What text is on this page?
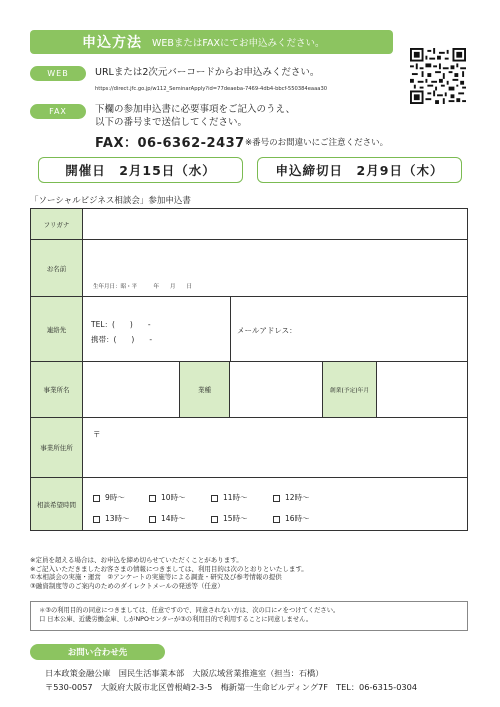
申込方法 WEBまたはFAXにてお申込みください。
WEB	URLまたは2次元バーコードからお申込みください。
https://direct.jfc.go.jp/w112_SeminarApply?id=77deaeba-7469-4db4-bbcf-550384eaaa30
FAX	下欄の参加申込書に必要事項をご記入のうえ、
以下の番号まで送信してください。
FAX：06-6362-2437 ※番号のお間違いにご注意ください。
開催日　2月15日（水）	申込締切日　2月9日（木）
「ソーシャルビジネス相談会」参加申込書
フリガナ
お名前
生年月日：昭・平　　　年　　月　　日
連絡先
TEL：(　　)　　-
携帯：(　　)　　-
メールアドレス：
事業所名	業種	創業(予定)年月
事業所住所
〒
相談希望時間
9時～	10時～	11時～	12時～
13時～	14時～	15時～	16時～
※定員を超える場合は、お申込を締め切らせていただくことがあります。
※ご記入いただきましたお客さまの情報につきましては、利用目的は次のとおりといたします。
①本相談会の実施・運営　②アンケートの実施等による調査・研究及び参考情報の提供
③融資制度等のご案内のためのダイレクトメールの発送等（任意）
＊③の利用目的の同意につきましては、任意ですので、同意されない方は、次の口に✓をつけてください。
口 日本公庫、近畿労働金庫、しがNPOセンターが③の利用目的で利用することに同意しません。
お問い合わせ先
日本政策金融公庫　国民生活事業本部　大阪広域営業推進室（担当：石橋）
〒530-0057　大阪府大阪市北区曽根崎2-3-5　梅新第一生命ビルディング7F　TEL：06-6315-0304
